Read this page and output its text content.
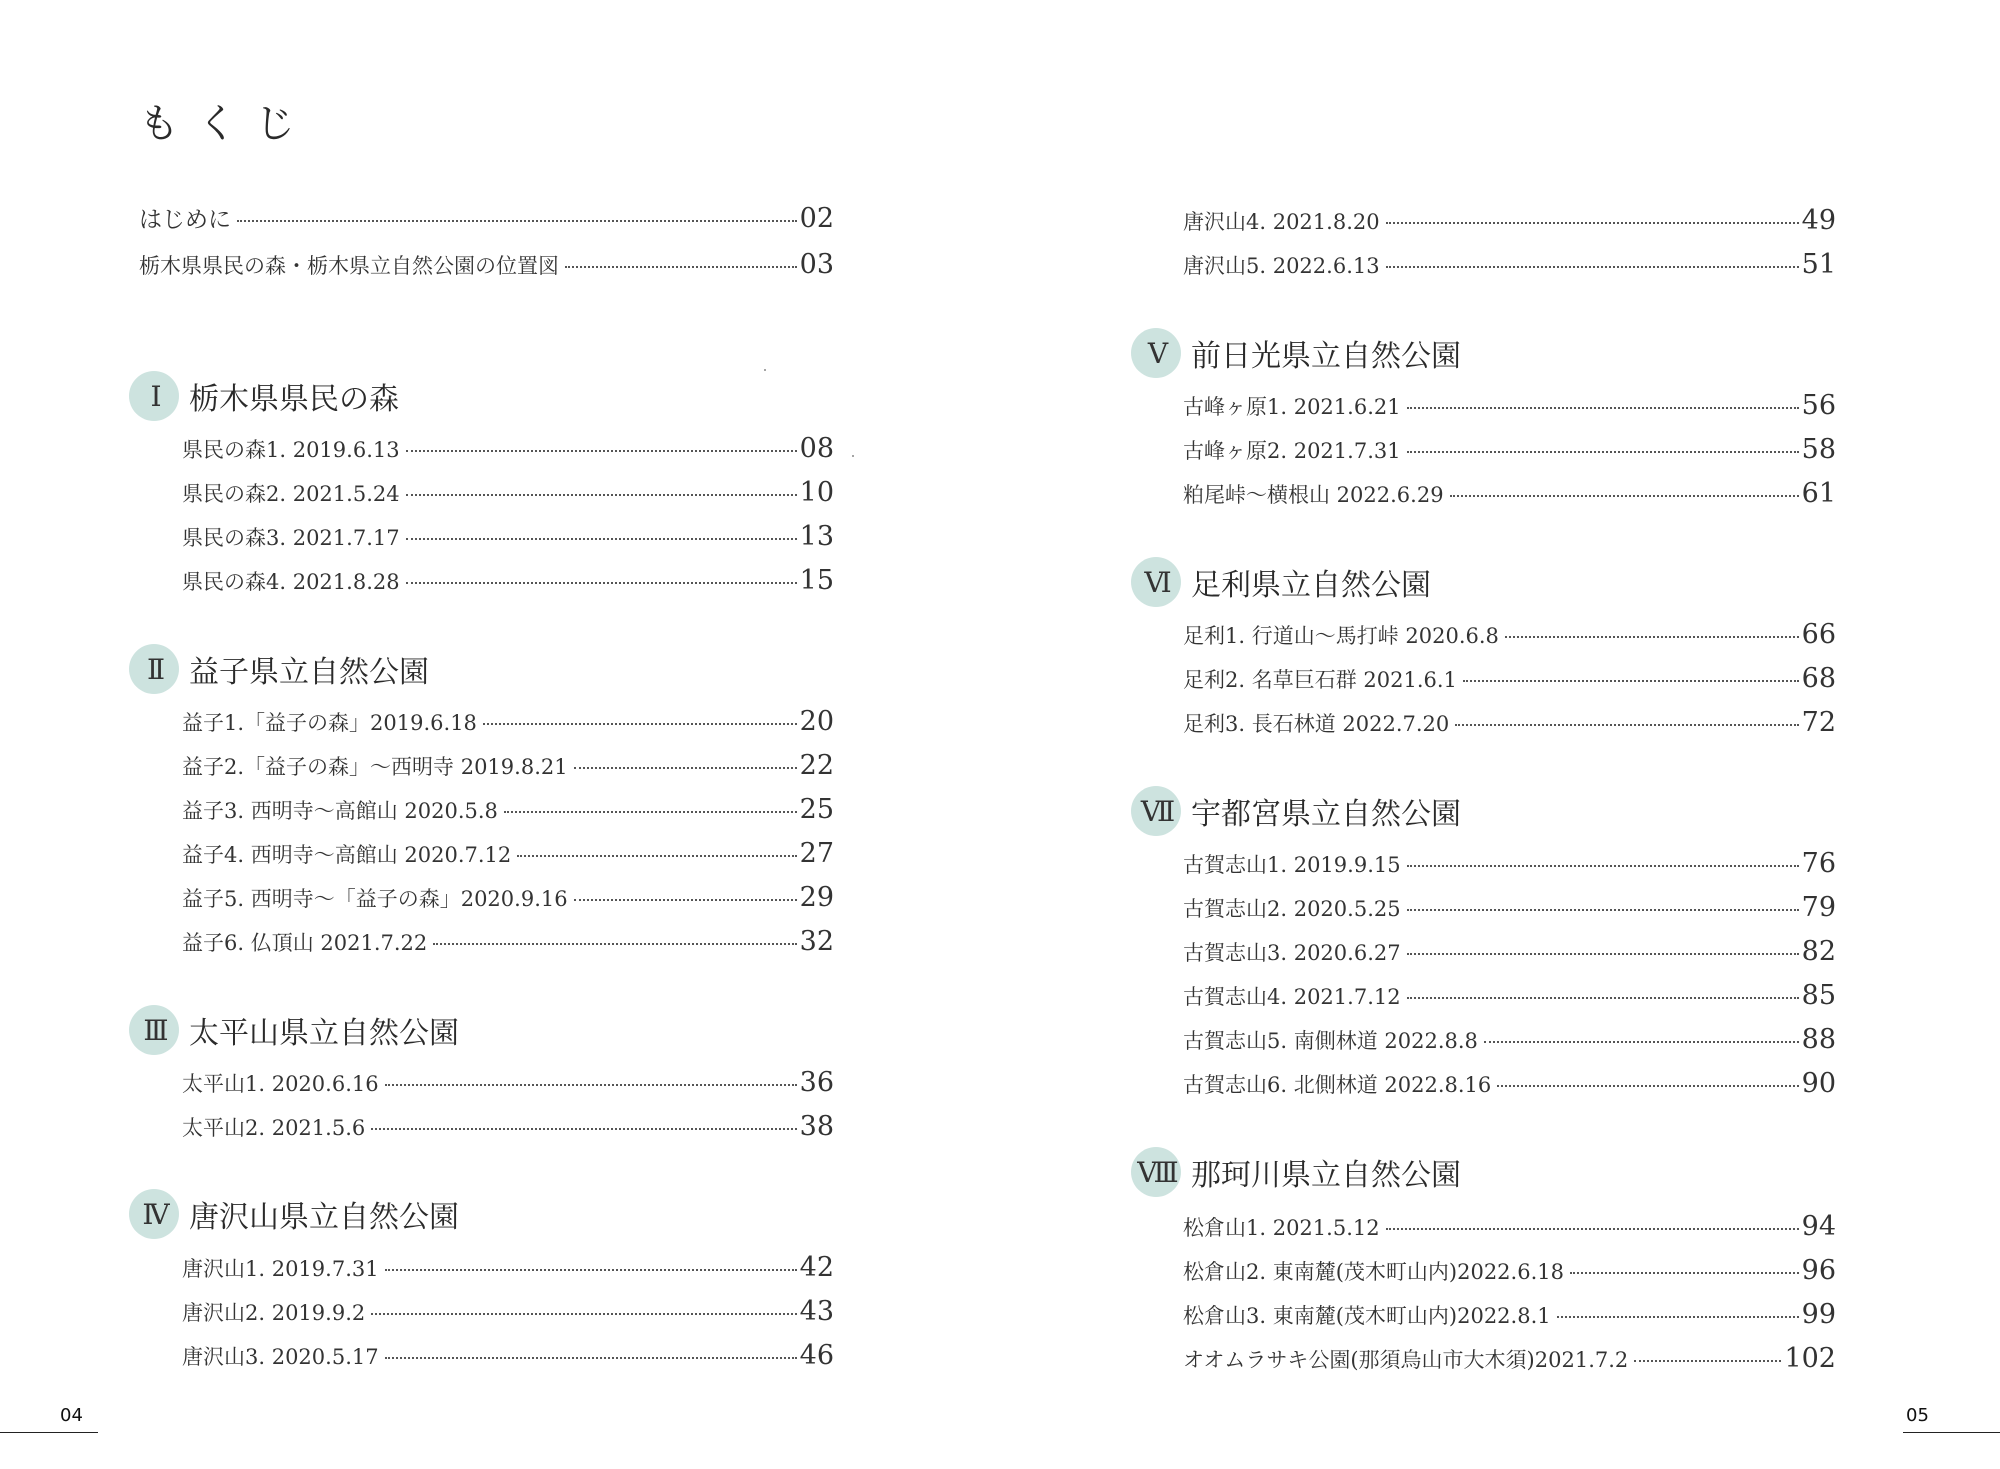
もくじ
はじめに	02
栃木県県民の森・栃木県立自然公園の位置図	03
I	栃木県県民の森
県民の森1. 2019.6.13	08
県民の森2. 2021.5.24	10
県民の森3. 2021.7.17	13
県民の森4. 2021.8.28	15
II 益子県立自然公園
益子1.「益子の森」2019.6.18	20
益子2.「益子の森」〜西明寺 2019.8.21	22
益子3. 西明寺〜高館山 2020.5.8	25
益子4. 西明寺〜高館山 2020.7.12	27
益子5. 西明寺〜「益子の森」2020.9.16	29
益子6. 仏頂山 2021.7.22	32
III 太平山県立自然公園
太平山1. 2020.6.16	36
太平山2. 2021.5.6	38
IV 唐沢山県立自然公園
唐沢山1. 2019.7.31	42
唐沢山2. 2019.9.2	43
唐沢山3. 2020.5.17	46
唐沢山4. 2021.8.20	49
唐沢山5. 2022.6.13	51
V 前日光県立自然公園
古峰ヶ原1. 2021.6.21	56
古峰ヶ原2. 2021.7.31	58
粕尾峠〜横根山 2022.6.29	61
VI 足利県立自然公園
足利1. 行道山〜馬打峠 2020.6.8	66
足利2. 名草巨石群 2021.6.1	68
足利3. 長石林道 2022.7.20	72
VII 宇都宮県立自然公園
古賀志山1. 2019.9.15	76
古賀志山2. 2020.5.25	79
古賀志山3. 2020.6.27	82
古賀志山4. 2021.7.12	85
古賀志山5. 南側林道 2022.8.8	88
古賀志山6. 北側林道 2022.8.16	90
VIII 那珂川県立自然公園
松倉山1. 2021.5.12	94
松倉山2. 東南麓(茂木町山内)2022.6.18	96
松倉山3. 東南麓(茂木町山内)2022.8.1	99
オオムラサキ公園(那須烏山市大木須)2021.7.2	102
04	05
